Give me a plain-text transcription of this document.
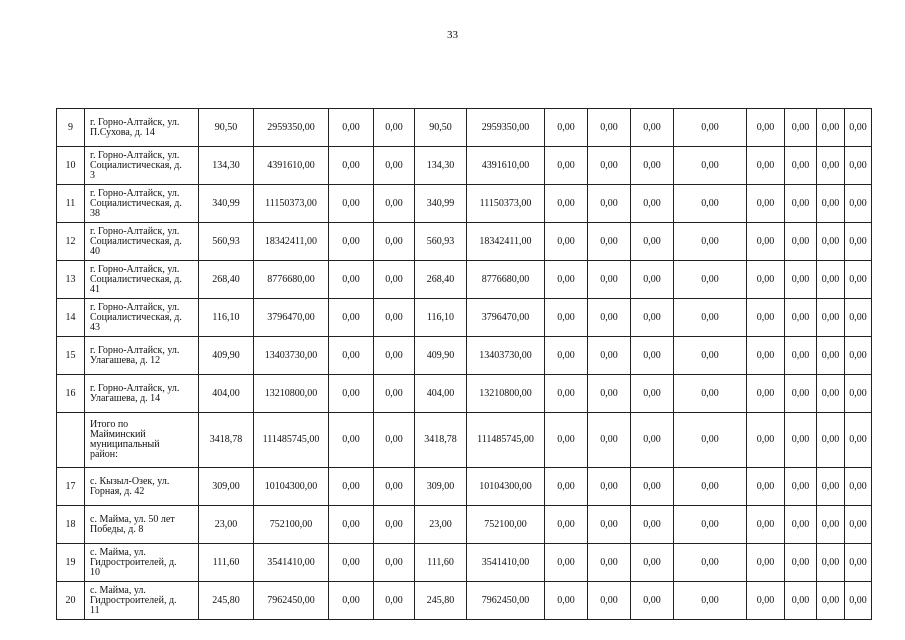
33
9	г. Горно-Алтайск, ул.
П.Сухова, д. 14	90,50	2959350,00	0,00	0,00	90,50	2959350,00	0,00	0,00	0,00	0,00	0,00	0,00	0,00	0,00
10	г. Горно-Алтайск, ул.
Социалистическая, д.
3	134,30	4391610,00	0,00	0,00	134,30	4391610,00	0,00	0,00	0,00	0,00	0,00	0,00	0,00	0,00
11	г. Горно-Алтайск, ул.
Социалистическая, д.
38	340,99	11150373,00	0,00	0,00	340,99	11150373,00	0,00	0,00	0,00	0,00	0,00	0,00	0,00	0,00
12	г. Горно-Алтайск, ул.
Социалистическая, д.
40	560,93	18342411,00	0,00	0,00	560,93	18342411,00	0,00	0,00	0,00	0,00	0,00	0,00	0,00	0,00
13	г. Горно-Алтайск, ул.
Социалистическая, д.
41	268,40	8776680,00	0,00	0,00	268,40	8776680,00	0,00	0,00	0,00	0,00	0,00	0,00	0,00	0,00
14	г. Горно-Алтайск, ул.
Социалистическая, д.
43	116,10	3796470,00	0,00	0,00	116,10	3796470,00	0,00	0,00	0,00	0,00	0,00	0,00	0,00	0,00
15	г. Горно-Алтайск, ул.
Улагашева, д. 12	409,90	13403730,00	0,00	0,00	409,90	13403730,00	0,00	0,00	0,00	0,00	0,00	0,00	0,00	0,00
16	г. Горно-Алтайск, ул.
Улагашева, д. 14	404,00	13210800,00	0,00	0,00	404,00	13210800,00	0,00	0,00	0,00	0,00	0,00	0,00	0,00	0,00
	Итого по
Майминский
муниципальный
район:	3418,78	111485745,00	0,00	0,00	3418,78	111485745,00	0,00	0,00	0,00	0,00	0,00	0,00	0,00	0,00
17	с. Кызыл-Озек, ул.
Горная, д. 42	309,00	10104300,00	0,00	0,00	309,00	10104300,00	0,00	0,00	0,00	0,00	0,00	0,00	0,00	0,00
18	с. Майма, ул. 50 лет
Победы, д. 8	23,00	752100,00	0,00	0,00	23,00	752100,00	0,00	0,00	0,00	0,00	0,00	0,00	0,00	0,00
19	с. Майма, ул.
Гидростроителей, д.
10	111,60	3541410,00	0,00	0,00	111,60	3541410,00	0,00	0,00	0,00	0,00	0,00	0,00	0,00	0,00
20	с. Майма, ул.
Гидростроителей, д.
11	245,80	7962450,00	0,00	0,00	245,80	7962450,00	0,00	0,00	0,00	0,00	0,00	0,00	0,00	0,00
